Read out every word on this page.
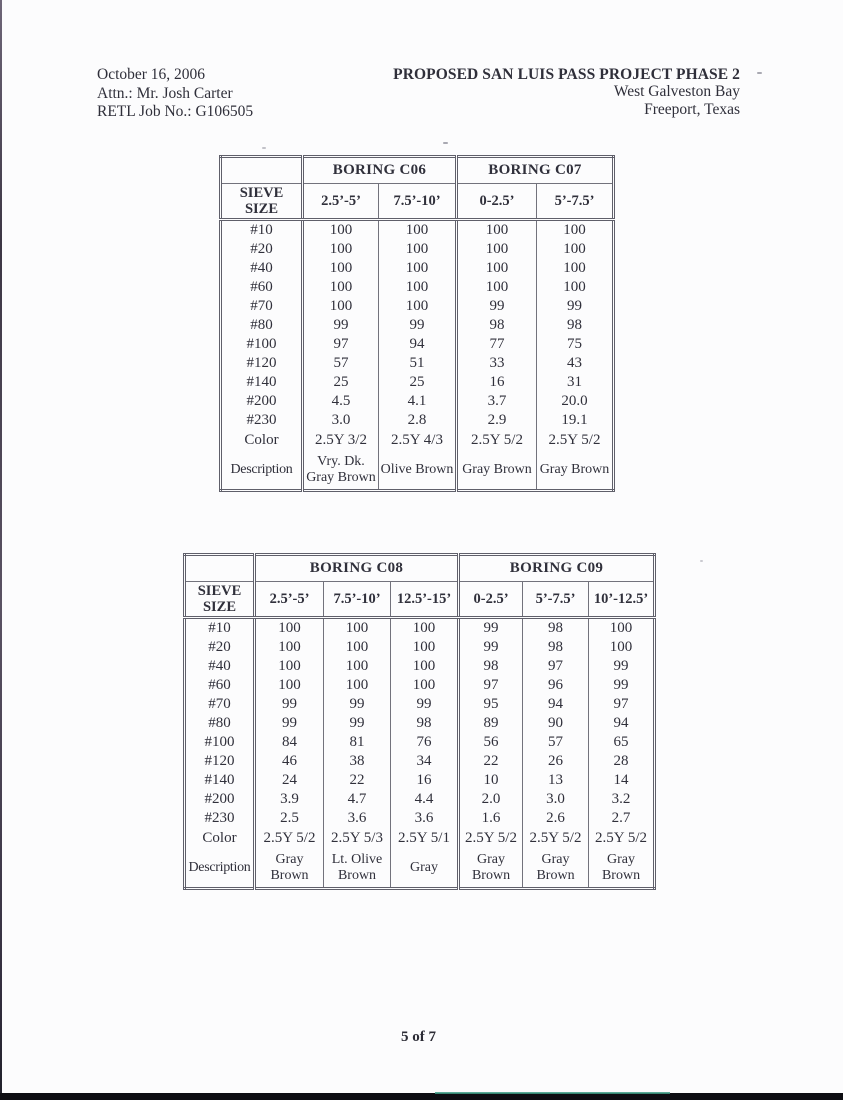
October 16, 2006
Attn.: Mr. Josh Carter
RETL Job No.: G106505
PROPOSED SAN LUIS PASS PROJECT PHASE 2
West Galveston Bay
Freeport, Texas
	BORING C06		BORING C07	
SIEVE SIZE	2.5’-5’	7.5’-10’	0-2.5’	5’-7.5’
#10	100	100	100	100
#20	100	100	100	100
#40	100	100	100	100
#60	100	100	100	100
#70	100	100	99	99
#80	99	99	98	98
#100	97	94	77	75
#120	57	51	33	43
#140	25	25	16	31
#200	4.5	4.1	3.7	20.0
#230	3.0	2.8	2.9	19.1
Color	2.5Y 3/2	2.5Y 4/3	2.5Y 5/2	2.5Y 5/2
Description	Vry. Dk. Gray Brown	Olive Brown	Gray Brown	Gray Brown
	BORING C08			BORING C09		
SIEVE SIZE	2.5’-5’	7.5’-10’	12.5’-15’	0-2.5’	5’-7.5’	10’-12.5’
#10	100	100	100	99	98	100
#20	100	100	100	99	98	100
#40	100	100	100	98	97	99
#60	100	100	100	97	96	99
#70	99	99	99	95	94	97
#80	99	99	98	89	90	94
#100	84	81	76	56	57	65
#120	46	38	34	22	26	28
#140	24	22	16	10	13	14
#200	3.9	4.7	4.4	2.0	3.0	3.2
#230	2.5	3.6	3.6	1.6	2.6	2.7
Color	2.5Y 5/2	2.5Y 5/3	2.5Y 5/1	2.5Y 5/2	2.5Y 5/2	2.5Y 5/2
Description	Gray Brown	Lt. Olive Brown	Gray	Gray Brown	Gray Brown	Gray Brown
5 of 7
